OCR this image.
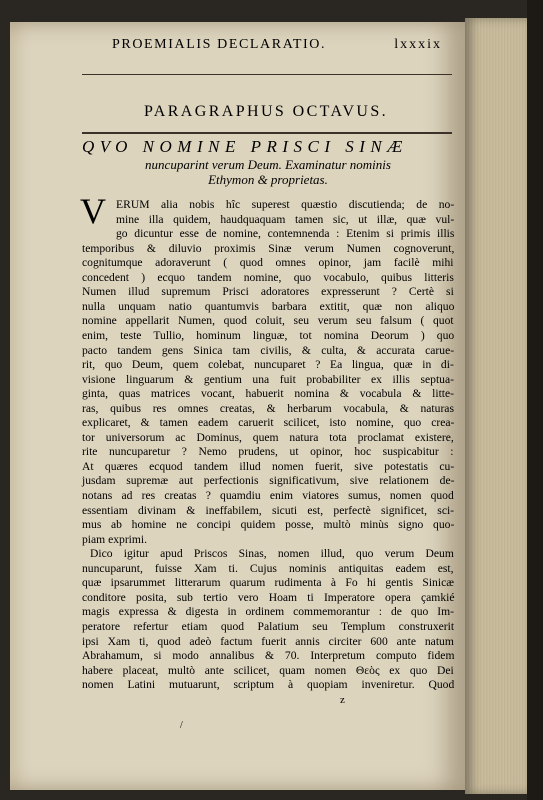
PROEMIALIS DECLARATIO.	lxxxix
PARAGRAPHUS OCTAVUS.
QVO NOMINE PRISCI SINÆ
nuncuparint verum Deum. Examinatur nominis
Ethymon & proprietas.
V ERUM alia nobis hîc superest quæstio discutienda; de no-
mine illa quidem, haudquaquam tamen sic, ut illæ, quæ vul-
go dicuntur esse de nomine, contemnenda : Etenim si primis illis
temporibus & diluvio proximis Sinæ verum Numen cognoverunt,
cognitumque adoraverunt ( quod omnes opinor, jam facilè mihi
concedent ) ecquo tandem nomine, quo vocabulo, quibus litteris
Numen illud supremum Prisci adoratores expresserunt ? Certè si
nulla unquam natio quantumvis barbara extitit, quæ non aliquo
nomine appellarit Numen, quod coluit, seu verum seu falsum ( quot
enim, teste Tullio, hominum linguæ, tot nomina Deorum ) quo
pacto tandem gens Sinica tam civilis, & culta, & accurata carue-
rit, quo Deum, quem colebat, nuncuparet ? Ea lingua, quæ in di-
visione linguarum & gentium una fuit probabiliter ex illis septua-
ginta, quas matrices vocant, habuerit nomina & vocabula & litte-
ras, quibus res omnes creatas, & herbarum vocabula, & naturas
explicaret, & tamen eadem caruerit scilicet, isto nomine, quo crea-
tor universorum ac Dominus, quem natura tota proclamat existere,
rite nuncuparetur ? Nemo prudens, ut opinor, hoc suspicabitur :
At quæres ecquod tandem illud nomen fuerit, sive potestatis cu-
jusdam supremæ aut perfectionis significativum, sive relationem de-
notans ad res creatas ? quamdiu enim viatores sumus, nomen quod
essentiam divinam & ineffabilem, sicuti est, perfectè significet, sci-
mus ab homine ne concipi quidem posse, multò minùs signo quo-
piam exprimi.
Dico igitur apud Priscos Sinas, nomen illud, quo verum Deum
nuncuparunt, fuisse Xam ti. Cujus nominis antiquitas eadem est,
quæ ipsarummet litterarum quarum rudimenta à Fo hi gentis Sinicæ
conditore posita, sub tertio vero Hoam ti Imperatore opera çamkié
magis expressa & digesta in ordinem commemorantur : de quo Im-
peratore refertur etiam quod Palatium seu Templum construxerit
ipsi Xam ti, quod adeò factum fuerit annis circiter 600 ante natum
Abrahamum, si modo annalibus & 70. Interpretum computo fidem
habere placeat, multò ante scilicet, quam nomen Θεὸς ex quo Dei
nomen Latini mutuarunt, scriptum à quopiam inveniretur. Quod
z
/
